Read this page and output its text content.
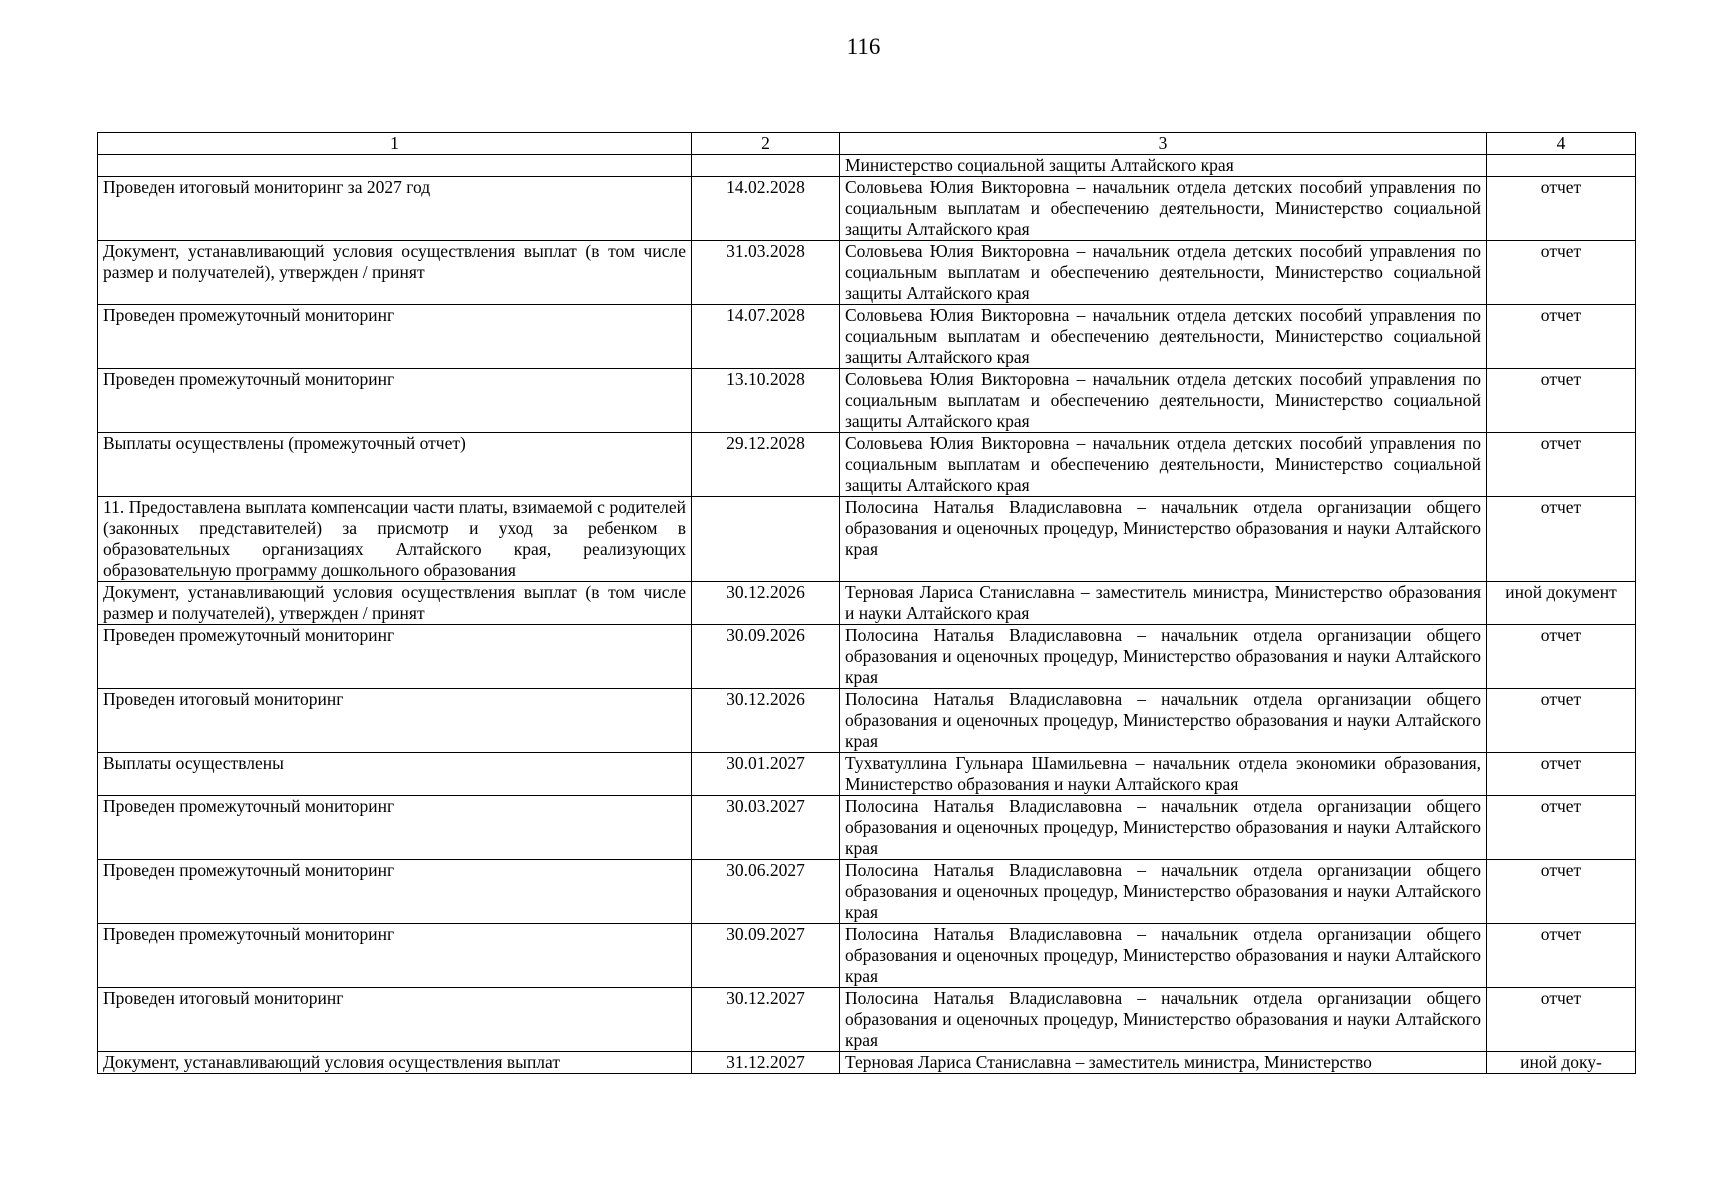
116
1	2	3	4
		Министерство социальной защиты Алтайского края	
Проведен итоговый мониторинг за 2027 год	14.02.2028	Соловьева Юлия Викторовна – начальник отдела детских пособий управления по социальным выплатам и обеспечению деятельности, Министерство социальной защиты Алтайского края	отчет
Документ, устанавливающий условия осуществления выплат (в том числе размер и получателей), утвержден / принят	31.03.2028	Соловьева Юлия Викторовна – начальник отдела детских пособий управления по социальным выплатам и обеспечению деятельности, Министерство социальной защиты Алтайского края	отчет
Проведен промежуточный мониторинг	14.07.2028	Соловьева Юлия Викторовна – начальник отдела детских пособий управления по социальным выплатам и обеспечению деятельности, Министерство социальной защиты Алтайского края	отчет
Проведен промежуточный мониторинг	13.10.2028	Соловьева Юлия Викторовна – начальник отдела детских пособий управления по социальным выплатам и обеспечению деятельности, Министерство социальной защиты Алтайского края	отчет
Выплаты осуществлены (промежуточный отчет)	29.12.2028	Соловьева Юлия Викторовна – начальник отдела детских пособий управления по социальным выплатам и обеспечению деятельности, Министерство социальной защиты Алтайского края	отчет
11. Предоставлена выплата компенсации части платы, взимаемой с родителей (законных представителей) за присмотр и уход за ребенком в образовательных организациях Алтайского края, реализующих образовательную программу дошкольного образования		Полосина Наталья Владиславовна – начальник отдела организации общего образования и оценочных процедур, Министерство образования и науки Алтайского края	отчет
Документ, устанавливающий условия осуществления выплат (в том числе размер и получателей), утвержден / принят	30.12.2026	Терновая Лариса Станиславна – заместитель министра, Министерство образования и науки Алтайского края	иной документ
Проведен промежуточный мониторинг	30.09.2026	Полосина Наталья Владиславовна – начальник отдела организации общего образования и оценочных процедур, Министерство образования и науки Алтайского края	отчет
Проведен итоговый мониторинг	30.12.2026	Полосина Наталья Владиславовна – начальник отдела организации общего образования и оценочных процедур, Министерство образования и науки Алтайского края	отчет
Выплаты осуществлены	30.01.2027	Тухватуллина Гульнара Шамильевна – начальник отдела экономики образования, Министерство образования и науки Алтайского края	отчет
Проведен промежуточный мониторинг	30.03.2027	Полосина Наталья Владиславовна – начальник отдела организации общего образования и оценочных процедур, Министерство образования и науки Алтайского края	отчет
Проведен промежуточный мониторинг	30.06.2027	Полосина Наталья Владиславовна – начальник отдела организации общего образования и оценочных процедур, Министерство образования и науки Алтайского края	отчет
Проведен промежуточный мониторинг	30.09.2027	Полосина Наталья Владиславовна – начальник отдела организации общего образования и оценочных процедур, Министерство образования и науки Алтайского края	отчет
Проведен итоговый мониторинг	30.12.2027	Полосина Наталья Владиславовна – начальник отдела организации общего образования и оценочных процедур, Министерство образования и науки Алтайского края	отчет
Документ, устанавливающий условия осуществления выплат	31.12.2027	Терновая Лариса Станиславна – заместитель министра, Министерство	иной доку-
